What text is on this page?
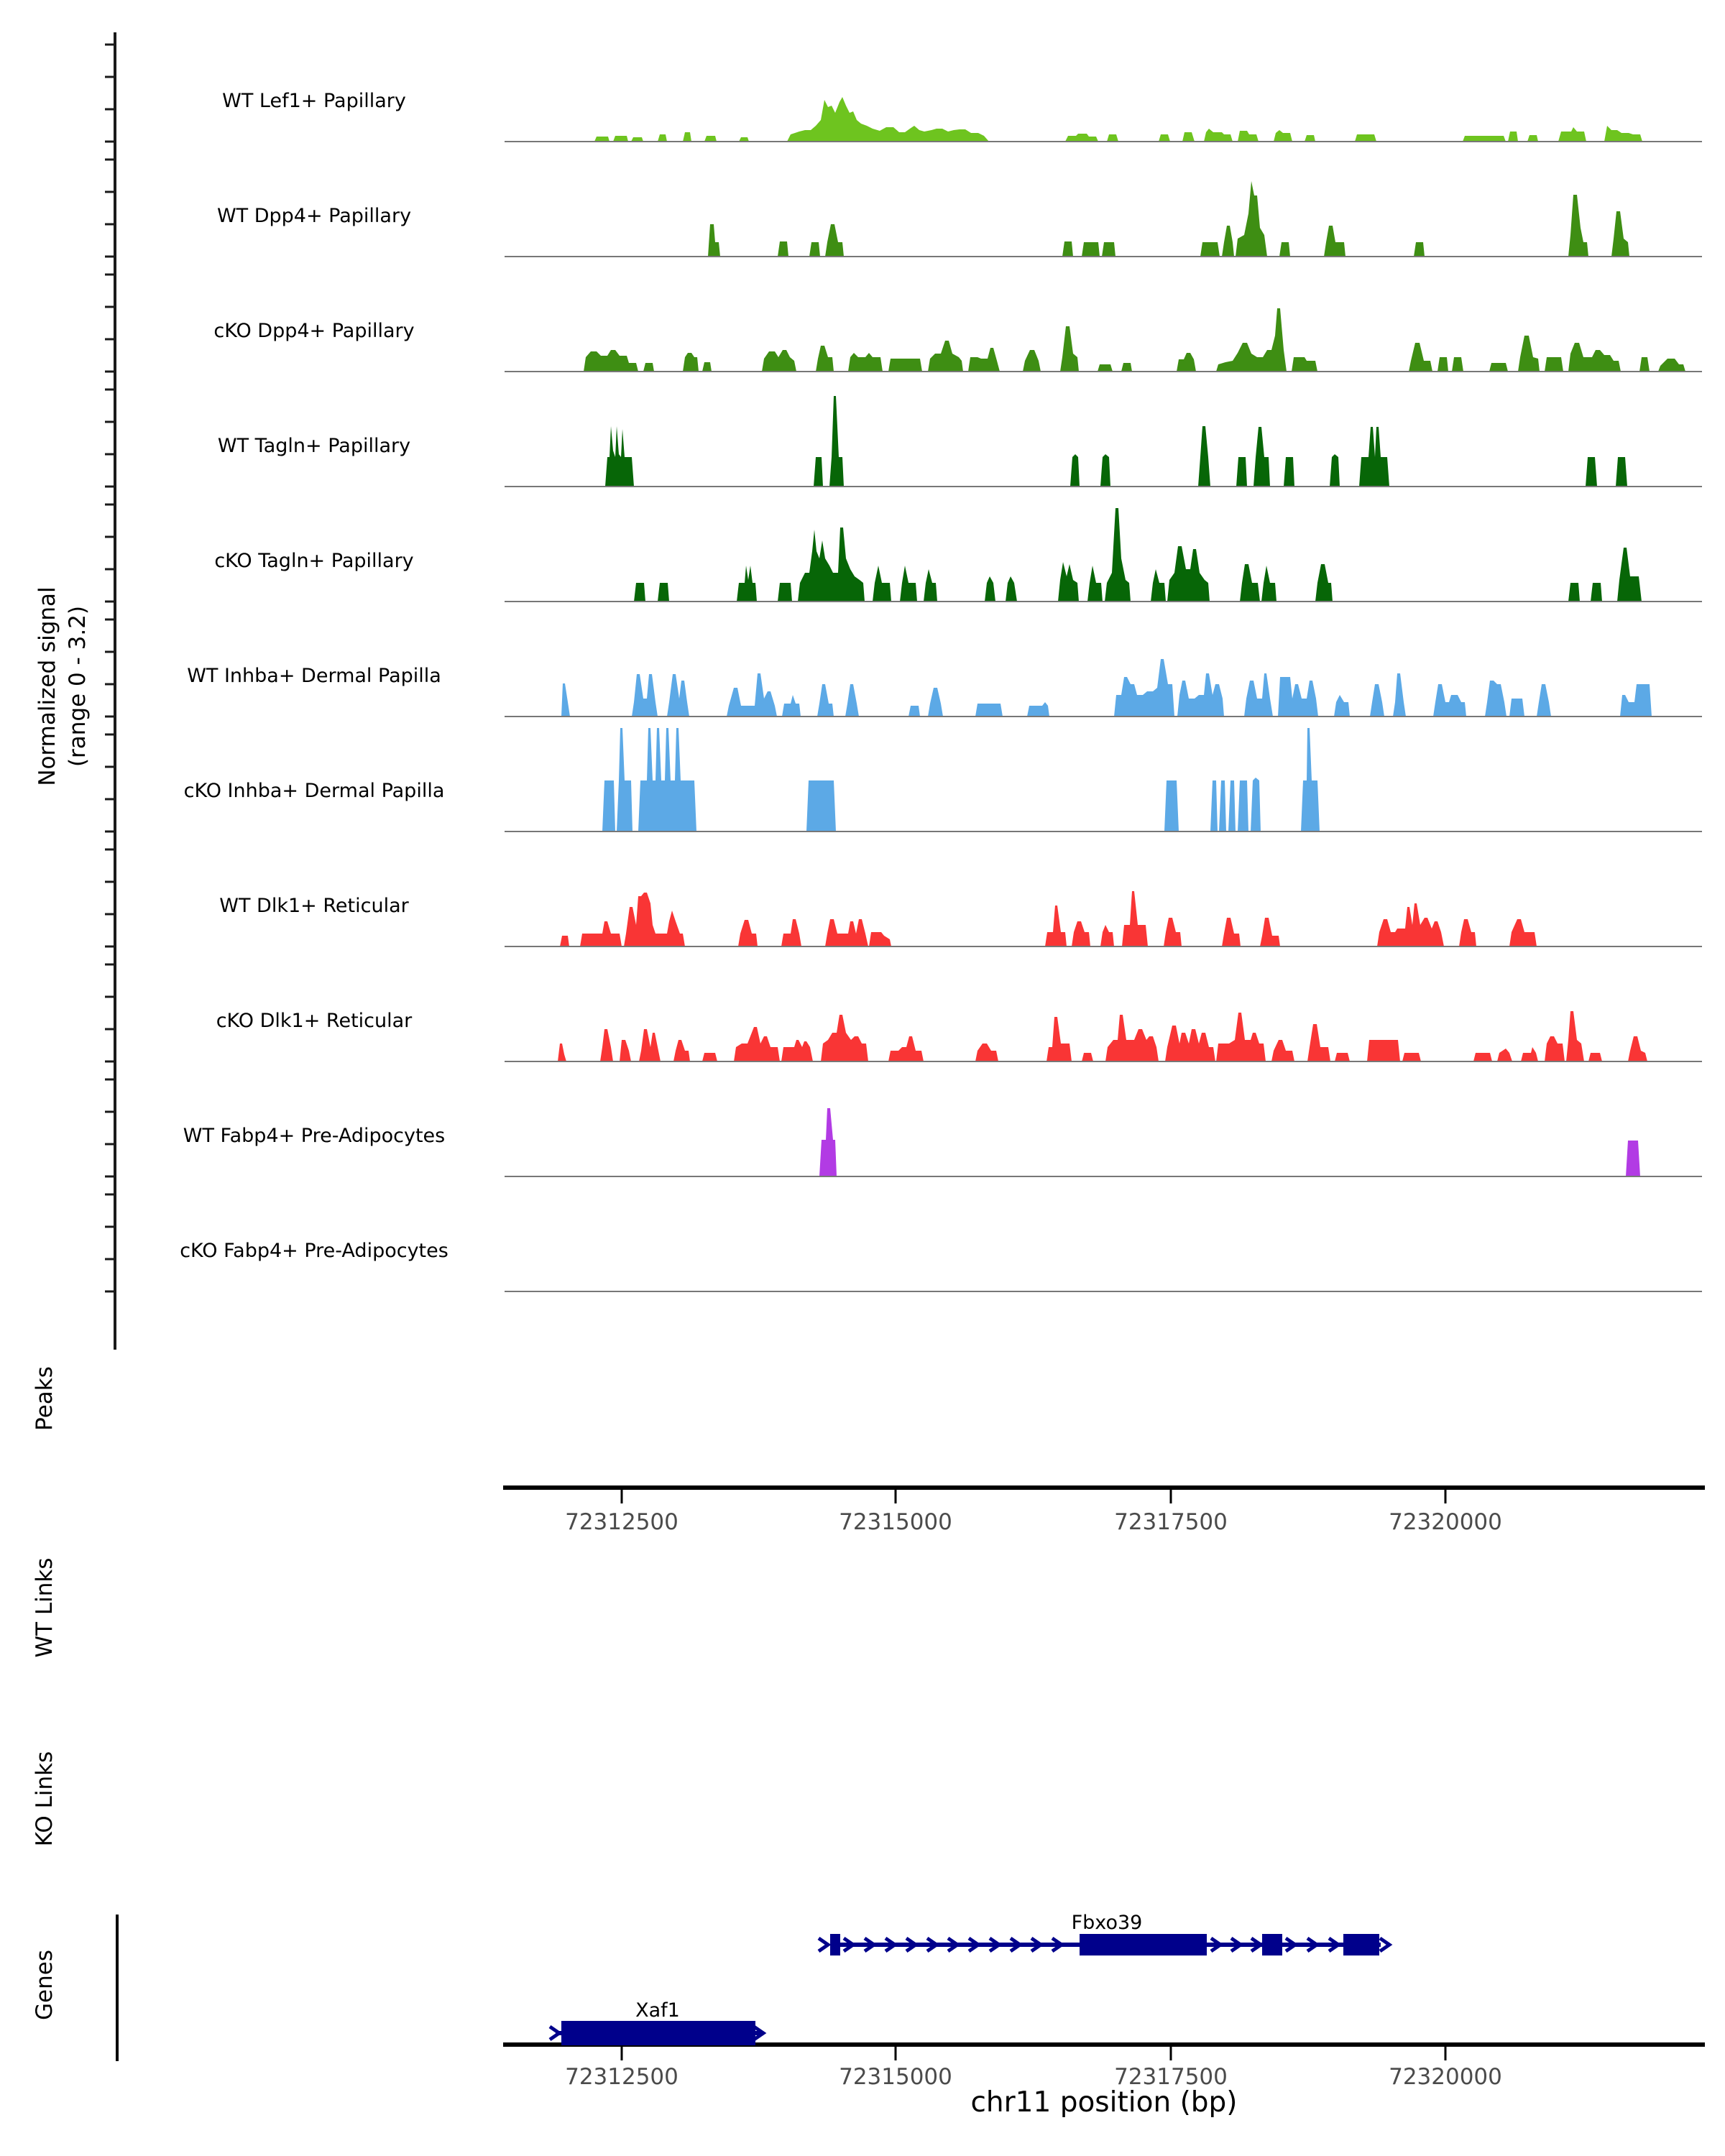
WT Lef1+ Papillary
WT Dpp4+ Papillary
cKO Dpp4+ Papillary
WT Tagln+ Papillary
cKO Tagln+ Papillary
WT Inhba+ Dermal Papilla
cKO Inhba+ Dermal Papilla
WT Dlk1+ Reticular
cKO Dlk1+ Reticular
WT Fabp4+ Pre-Adipocytes
cKO Fabp4+ Pre-Adipocytes
72312500	72315000	72317500	72320000
72312500	72315000	72317500	72320000
Fbxo39
Xaf1
Normalized signal (range 0 - 3.2)
Peaks
WT Links
KO Links
Genes
chr11 position (bp)
